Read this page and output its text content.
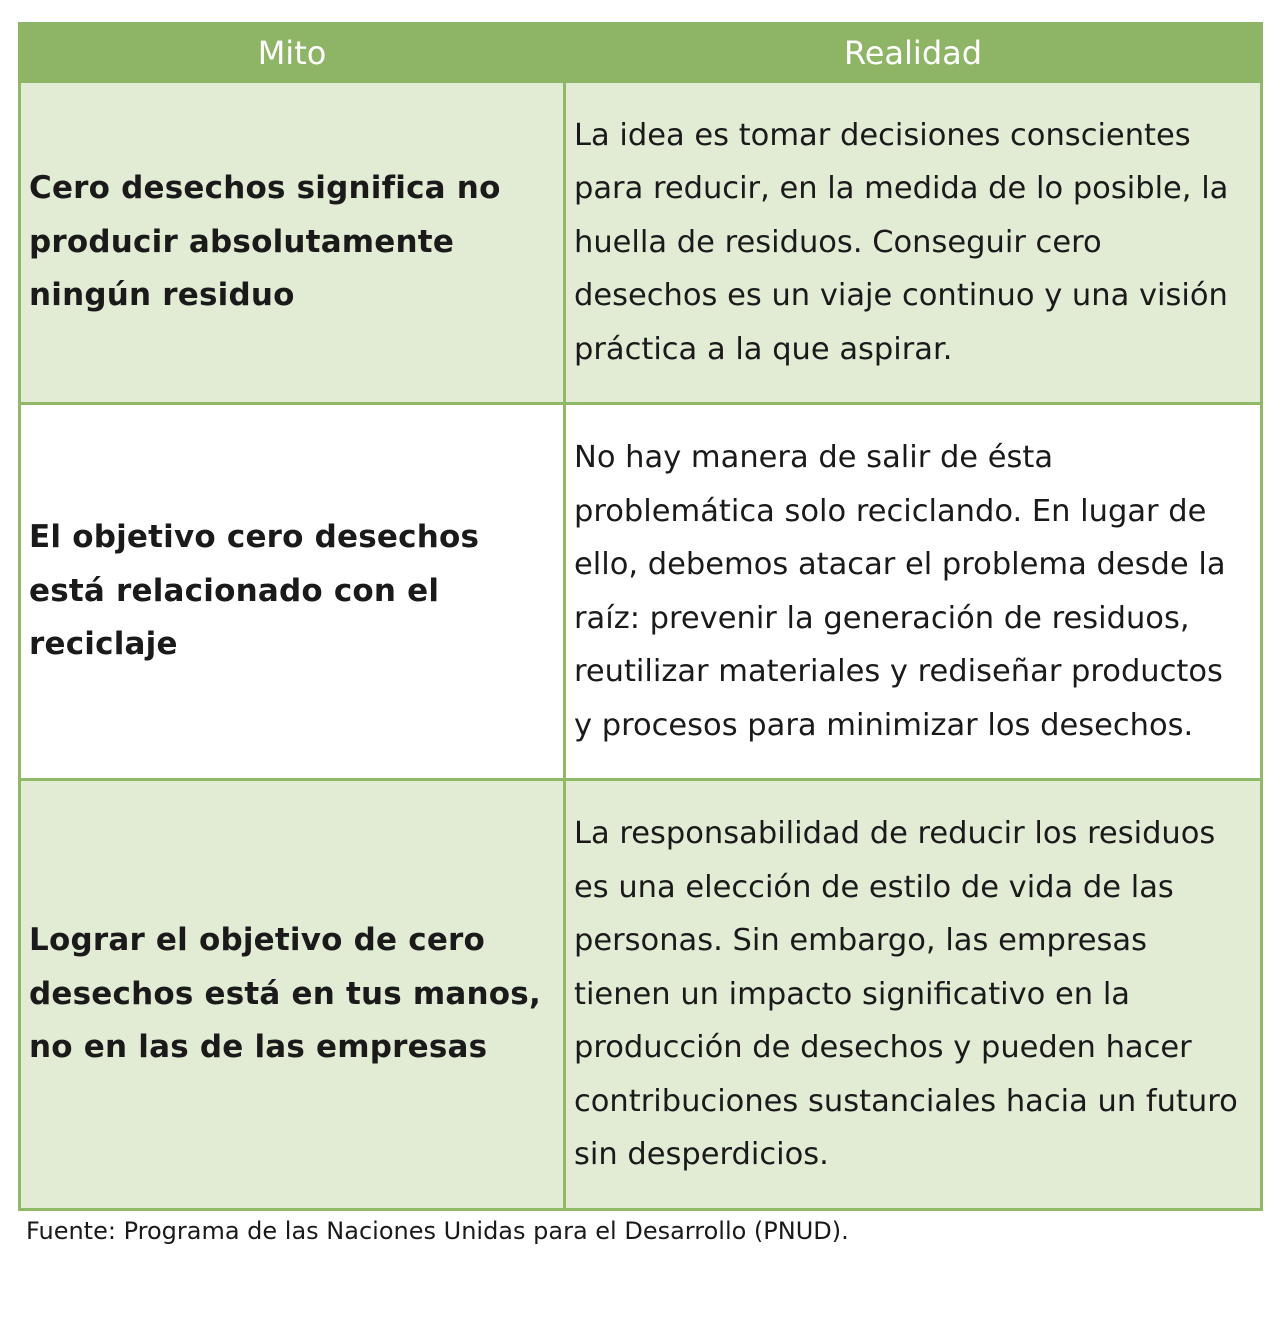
Mito	Realidad
Cero desechos significa no producir absolutamente ningún residuo	La idea es tomar decisiones conscientes para reducir, en la medida de lo posible, la huella de residuos. Conseguir cero desechos es un viaje continuo y una visión práctica a la que aspirar.
El objetivo cero desechos está relacionado con el reciclaje	No hay manera de salir de ésta problemática solo reciclando. En lugar de ello, debemos atacar el problema desde la raíz: prevenir la generación de residuos, reutilizar materiales y rediseñar productos y procesos para minimizar los desechos.
Lograr el objetivo de cero desechos está en tus manos, no en las de las empresas	La responsabilidad de reducir los residuos es una elección de estilo de vida de las personas. Sin embargo, las empresas tienen un impacto significativo en la producción de desechos y pueden hacer contribuciones sustanciales hacia un futuro sin desperdicios.
Fuente: Programa de las Naciones Unidas para el Desarrollo (PNUD).
